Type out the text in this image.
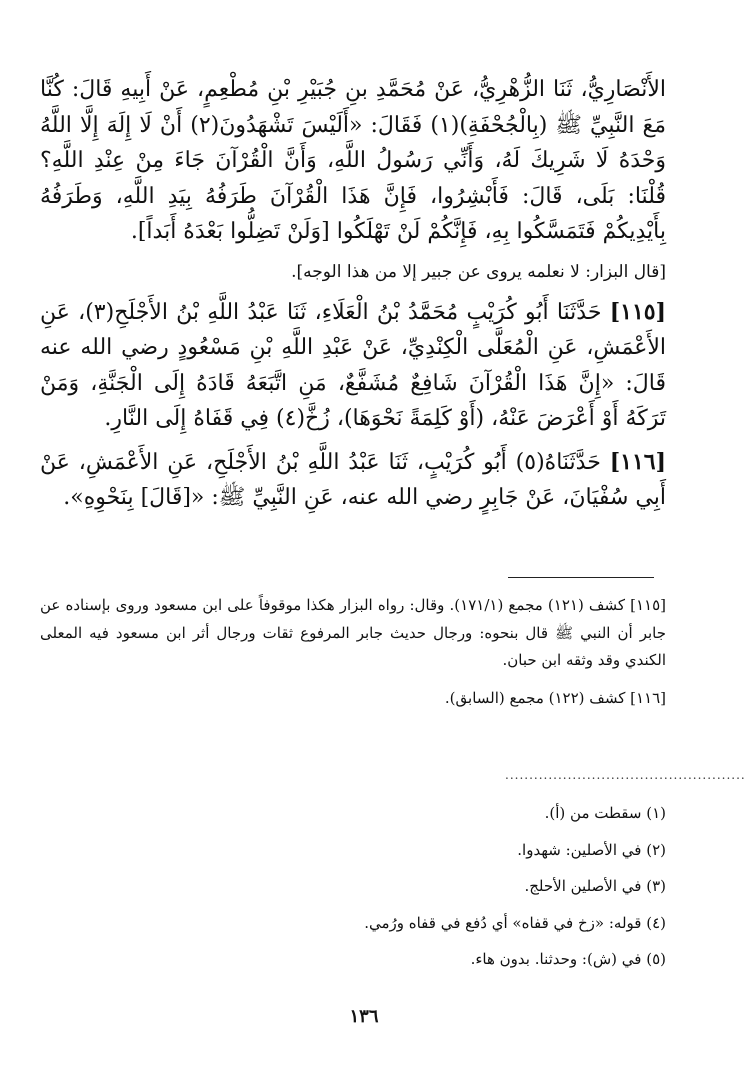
الأَنْصَارِيُّ، ثَنَا الزُّهْرِيُّ، عَنْ مُحَمَّدِ بنِ جُبَيْرِ بْنِ مُطْعِمٍ، عَنْ أَبِيهِ قَالَ: كُنَّا مَعَ النَّبِيِّ ﷺ (بِالْجُحْفَةِ)(١) فَقَالَ: «أَلَيْسَ تَشْهَدُونَ(٢) أَنْ لَا إِلَهَ إِلَّا اللَّهُ وَحْدَهُ لَا شَرِيكَ لَهُ، وَأَنِّي رَسُولُ اللَّهِ، وَأَنَّ الْقُرْآنَ جَاءَ مِنْ عِنْدِ اللَّهِ؟ قُلْنَا: بَلَى، قَالَ: فَأَبْشِرُوا، فَإِنَّ هَذَا الْقُرْآنَ طَرَفُهُ بِيَدِ اللَّهِ، وَطَرَفُهُ بِأَيْدِيكُمْ فَتَمَسَّكُوا بِهِ، فَإِنَّكُمْ لَنْ تَهْلَكُوا [وَلَنْ تَضِلُّوا بَعْدَهُ أَبَداً].

[قال البزار: لا نعلمه يروى عن جبير إلا من هذا الوجه].

[١١٥] حَدَّثَنَا أَبُو كُرَيْبٍ مُحَمَّدُ بْنُ الْعَلَاءِ، ثَنَا عَبْدُ اللَّهِ بْنُ الأَجْلَحِ(٣)، عَنِ الأَعْمَشِ، عَنِ الْمُعَلَّى الْكِنْدِيِّ، عَنْ عَبْدِ اللَّهِ بْنِ مَسْعُودٍ رضي الله عنه قَالَ: «إِنَّ هَذَا الْقُرْآنَ شَافِعٌ مُشَفَّعٌ، مَنِ اتَّبَعَهُ قَادَهُ إِلَى الْجَنَّةِ، وَمَنْ تَرَكَهُ أَوْ أَعْرَضَ عَنْهُ، (أَوْ كَلِمَةً نَحْوَهَا)، زُخَّ(٤) فِي قَفَاهُ إِلَى النَّارِ.

[١١٦] حَدَّثَنَاهُ(٥) أَبُو كُرَيْبٍ، ثَنَا عَبْدُ اللَّهِ بْنُ الأَجْلَحِ، عَنِ الأَعْمَشِ، عَنْ أَبِي سُفْيَانَ، عَنْ جَابِرٍ رضي الله عنه، عَنِ النَّبِيِّ ﷺ: «[قَالَ] بِنَحْوِهِ».

[١١٥] كشف (١٢١) مجمع (١٧١/١). وقال: رواه البزار هكذا موقوفاً على ابن مسعود وروى بإسناده عن جابر أن النبي ﷺ قال بنحوه: ورجال حديث جابر المرفوع ثقات ورجال أثر ابن مسعود فيه المعلى الكندي وقد وثقه ابن حبان.

[١١٦] كشف (١٢٢) مجمع (السابق).

..................................................

(١) سقطت من (أ).

(٢) في الأصلين: شهدوا.

(٣) في الأصلين الأحلج.

(٤) قوله: «زخ في قفاه» أي دُفع في قفاه ورُمي.

(٥) في (ش): وحدثنا. بدون هاء.

١٣٦
